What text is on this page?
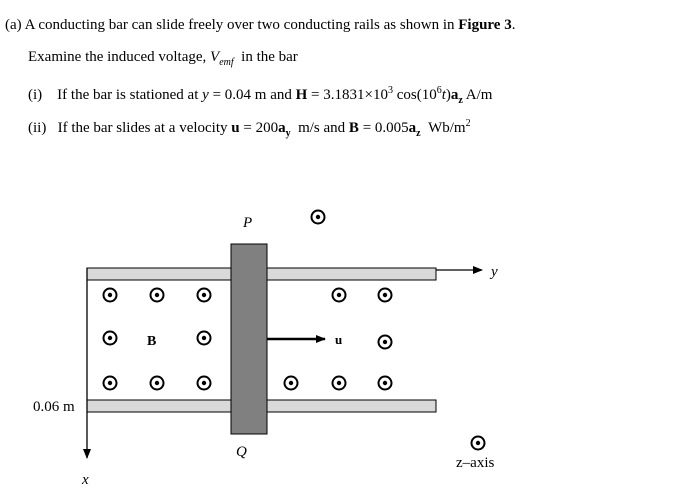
(a) A conducting bar can slide freely over two conducting rails as shown in Figure 3.
Examine the induced voltage, $V_{emf}$ in the bar
(i) If the bar is stationed at y = 0.04 m and $H = 3.1831\times 10^3$ $\cos(10^6t)a_z$ A/m
(ii) If the bar slides at a velocity $u = 200a_y$ m/s and $B = 0.005a_z$ $Wb/m^2$
P
Q
y
x
B	u
0.06 m
z–axis
